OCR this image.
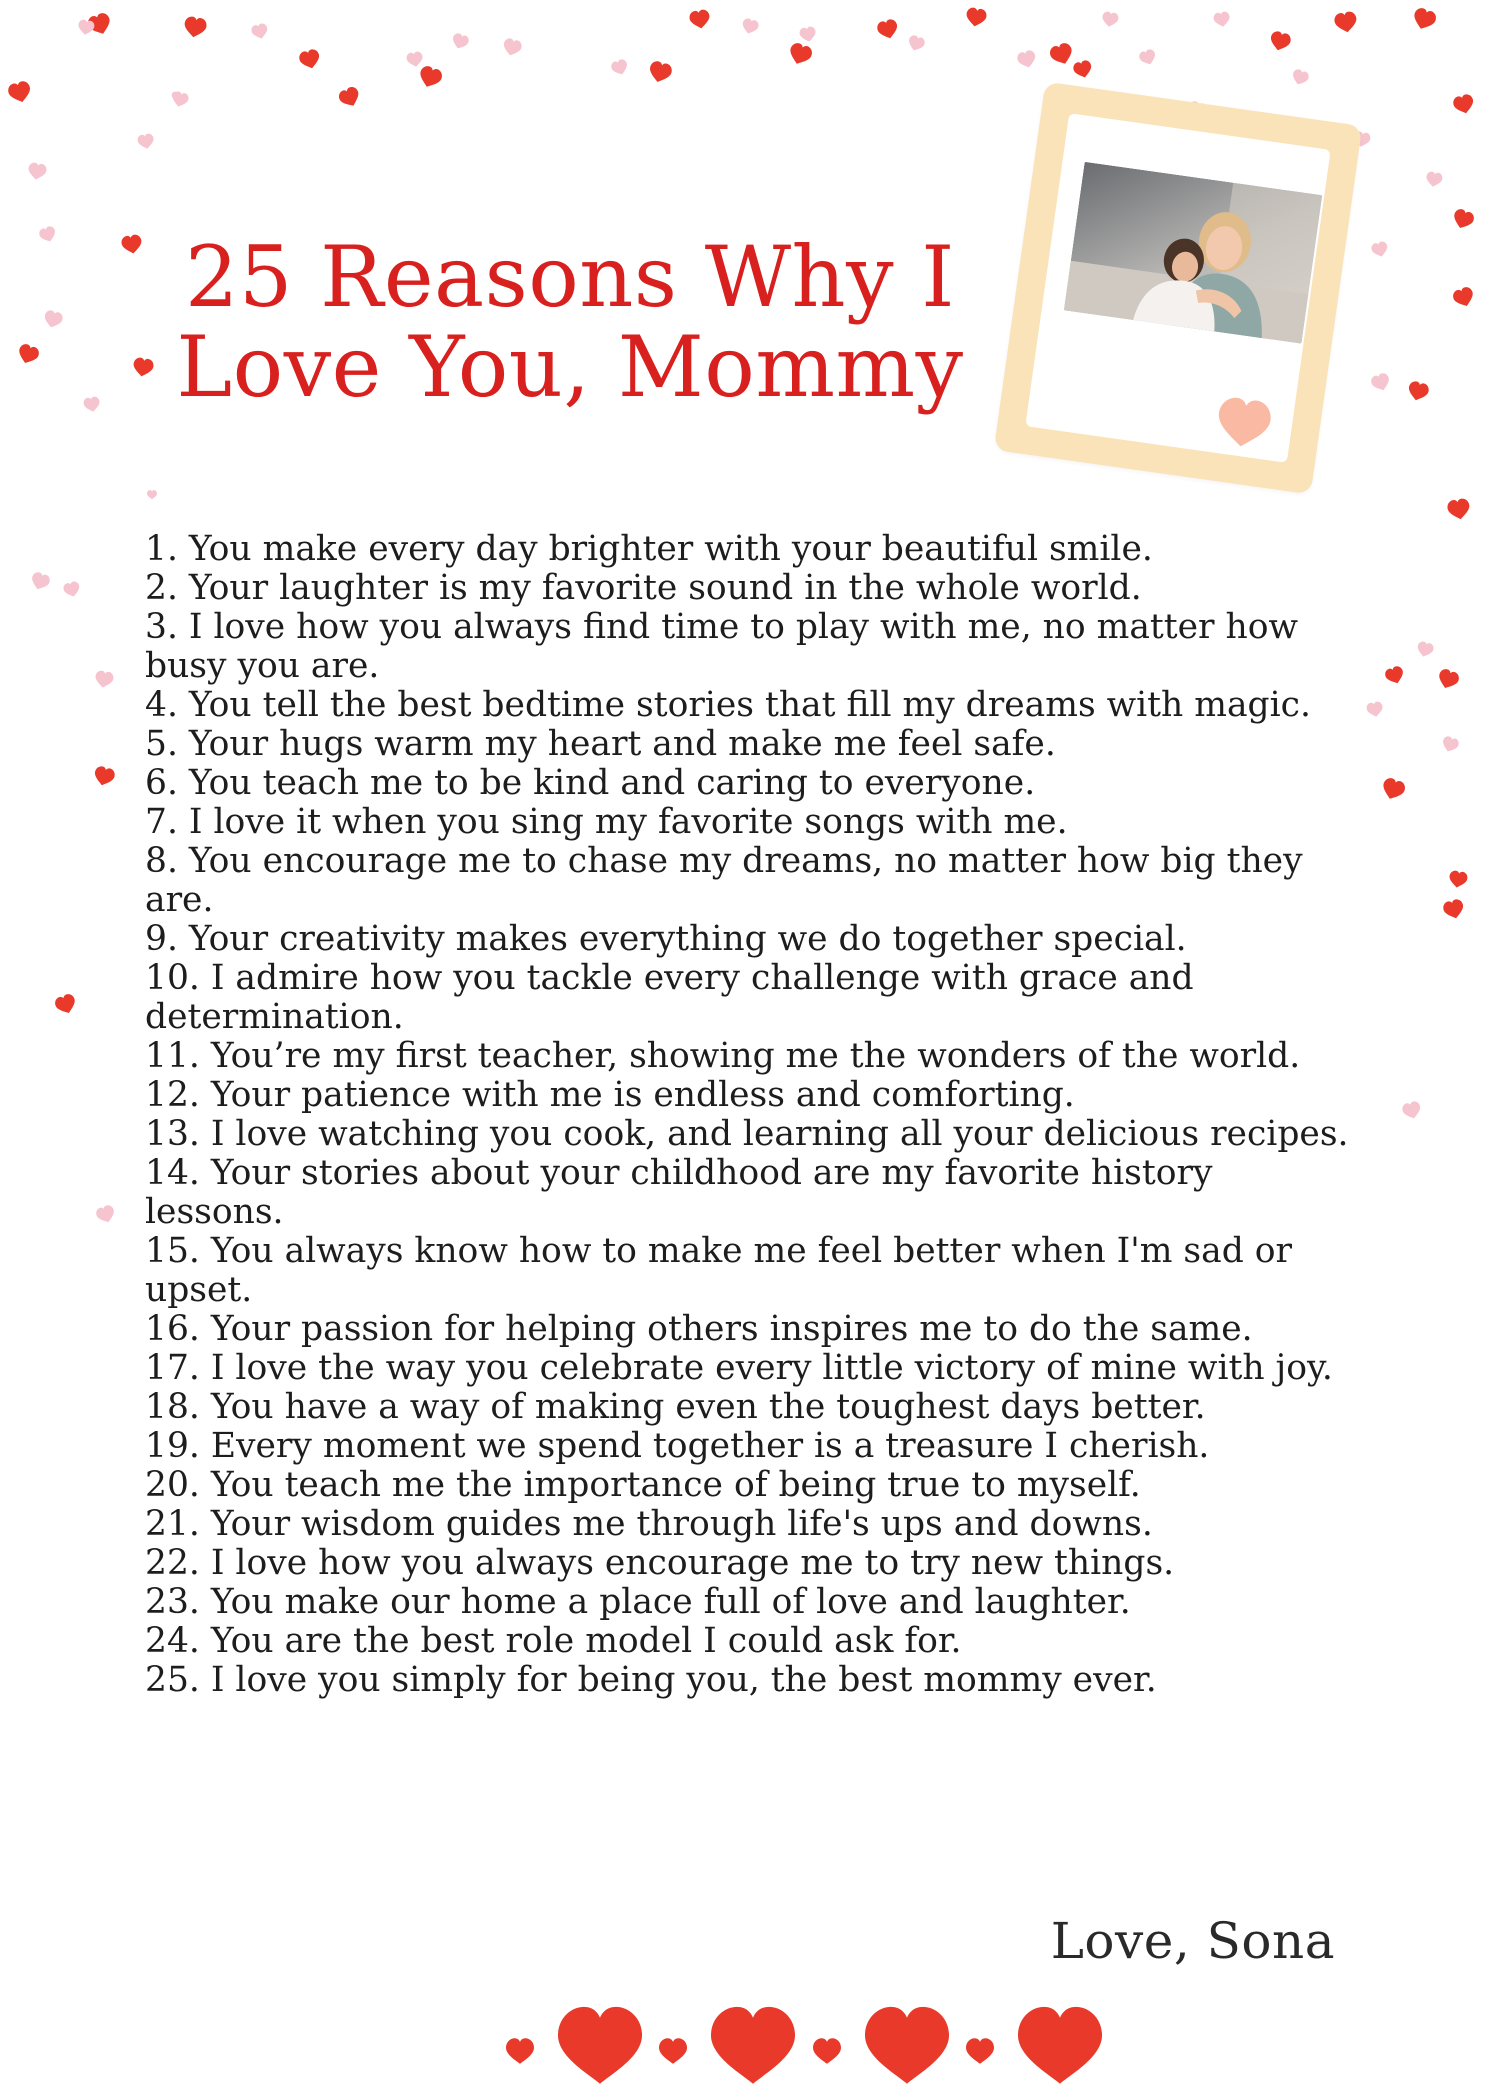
25 Reasons Why I
Love You, Mommy
1. You make every day brighter with your beautiful smile.
2. Your laughter is my favorite sound in the whole world.
3. I love how you always find time to play with me, no matter how busy you are.
4. You tell the best bedtime stories that fill my dreams with magic.
5. Your hugs warm my heart and make me feel safe.
6. You teach me to be kind and caring to everyone.
7. I love it when you sing my favorite songs with me.
8. You encourage me to chase my dreams, no matter how big they are.
9. Your creativity makes everything we do together special.
10. I admire how you tackle every challenge with grace and determination.
11. You’re my first teacher, showing me the wonders of the world.
12. Your patience with me is endless and comforting.
13. I love watching you cook, and learning all your delicious recipes.
14. Your stories about your childhood are my favorite history lessons.
15. You always know how to make me feel better when I'm sad or upset.
16. Your passion for helping others inspires me to do the same.
17. I love the way you celebrate every little victory of mine with joy.
18. You have a way of making even the toughest days better.
19. Every moment we spend together is a treasure I cherish.
20. You teach me the importance of being true to myself.
21. Your wisdom guides me through life's ups and downs.
22. I love how you always encourage me to try new things.
23. You make our home a place full of love and laughter.
24. You are the best role model I could ask for.
25. I love you simply for being you, the best mommy ever.

Love, Sona
